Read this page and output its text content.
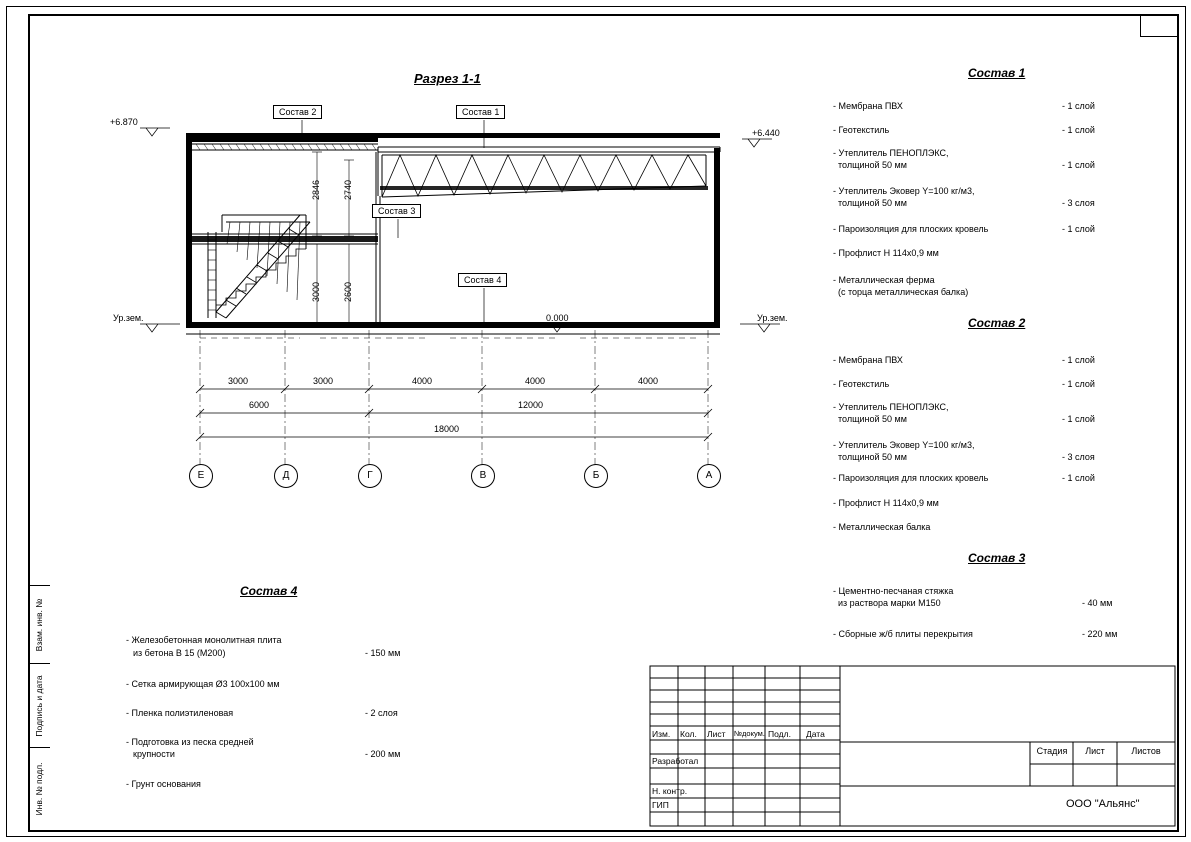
Взам. инв. №
Подпись и дата
Инв. № подл.
Разрез 1-1
+6.870
+6.440
0.000
Ур.зем.	Ур.зем.
Состав 2	Состав 1
Состав 3
Состав 4
2846 2740
3000 2600
3000	3000	4000	4000	4000
6000	12000
18000
Е	Д	Г	В	Б	А
Состав 1
- Мембрана ПВХ	- 1 слой
- Геотекстиль	- 1 слой
- Утеплитель ПЕНОПЛЭКС,
толщиной 50 мм	- 1 слой
- Утеплитель Эковер Y=100 кг/м3,
толщиной 50 мм	- 3 слоя
- Пароизоляция для плоских кровель	- 1 слой
- Профлист Н 114х0,9 мм
- Металлическая ферма
(с торца металлическая балка)
Состав 2
- Мембрана ПВХ	- 1 слой
- Геотекстиль	- 1 слой
- Утеплитель ПЕНОПЛЭКС,
толщиной 50 мм	- 1 слой
- Утеплитель Эковер Y=100 кг/м3,
толщиной 50 мм	- 3 слоя
- Пароизоляция для плоских кровель	- 1 слой
- Профлист Н 114х0,9 мм
- Металлическая балка
Состав 3
- Цементно-песчаная стяжка
из раствора марки М150	- 40 мм
- Сборные ж/б плиты перекрытия	- 220 мм
Состав 4
- Железобетонная монолитная плита
из бетона В 15 (М200)	- 150 мм
- Сетка армирующая Ø3 100х100 мм
- Пленка полиэтиленовая	- 2 слоя
- Подготовка из песка средней
крупности	- 200 мм
- Грунт основания
Изм. Кол. Лист №докум. Подл. Дата
Разработал
Н. контр.
ГИП
Стадия	Лист	Листов
ООО "Альянс"
